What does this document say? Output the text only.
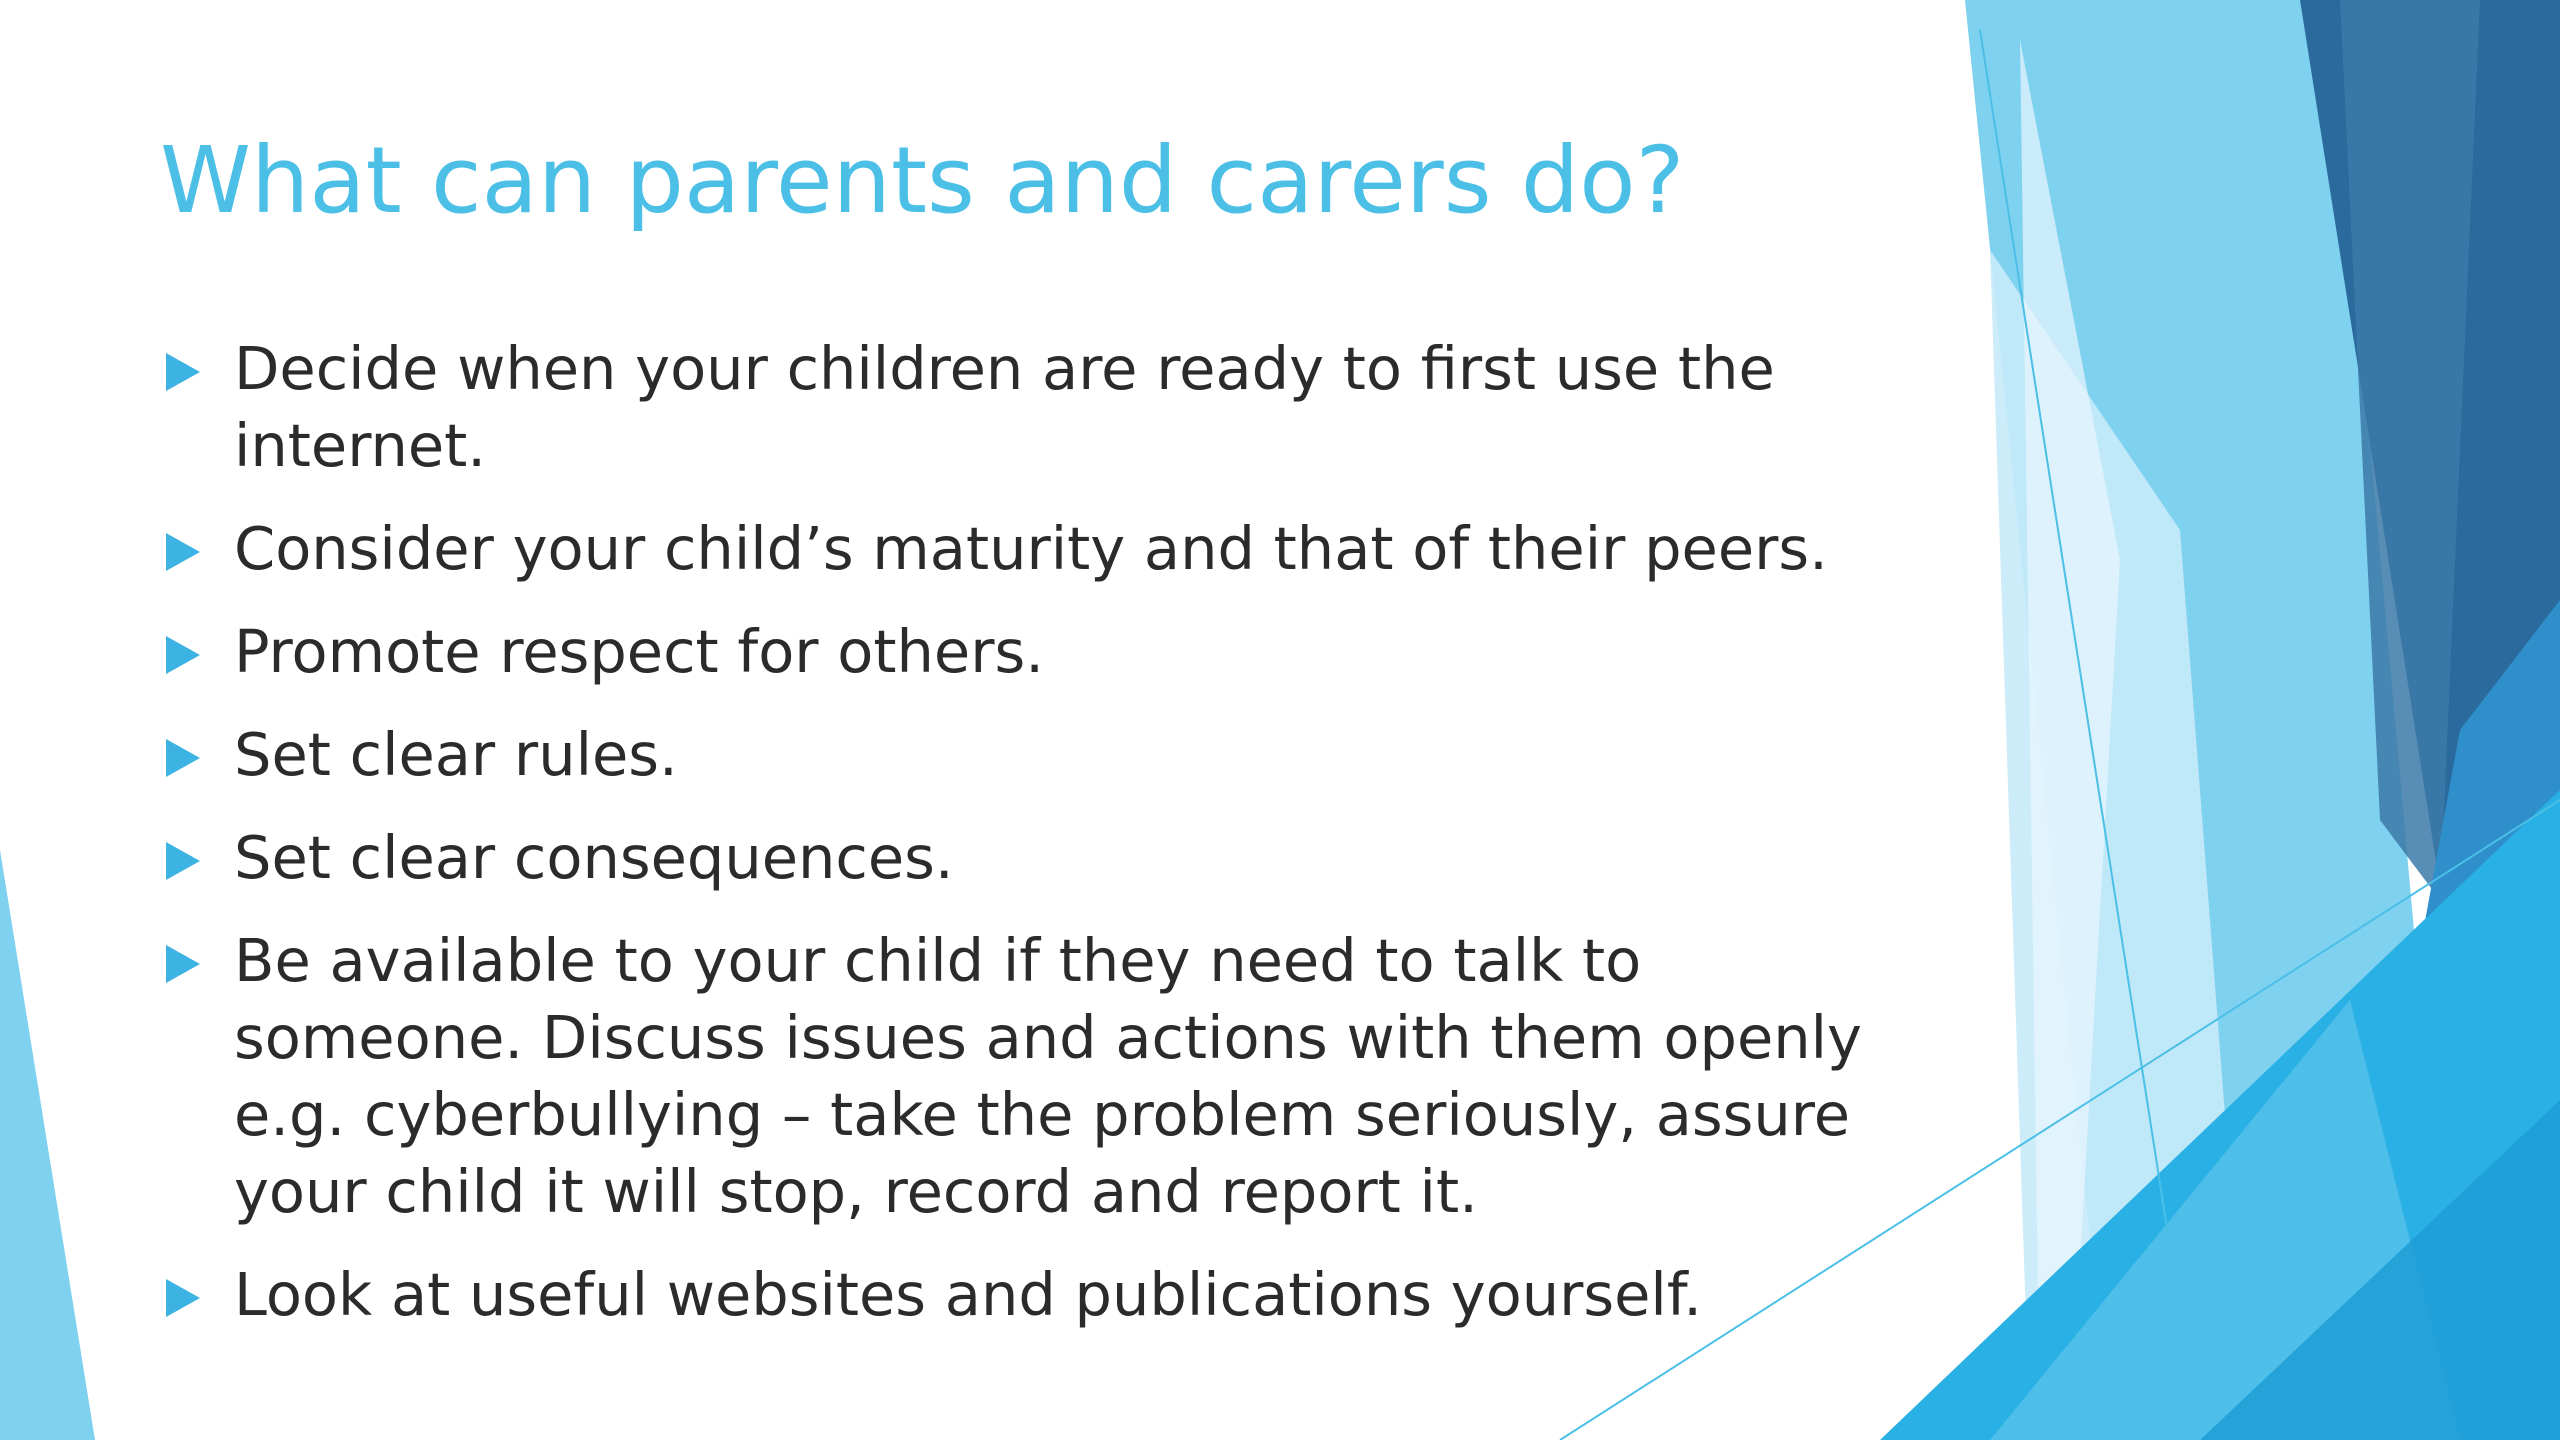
What can parents and carers do?
Decide when your children are ready to first use the internet.
Consider your child’s maturity and that of their peers.
Promote respect for others.
Set clear rules.
Set clear consequences.
Be available to your child if they need to talk to someone. Discuss issues and actions with them openly e.g. cyberbullying – take the problem seriously, assure your child it will stop, record and report it.
Look at useful websites and publications yourself.
